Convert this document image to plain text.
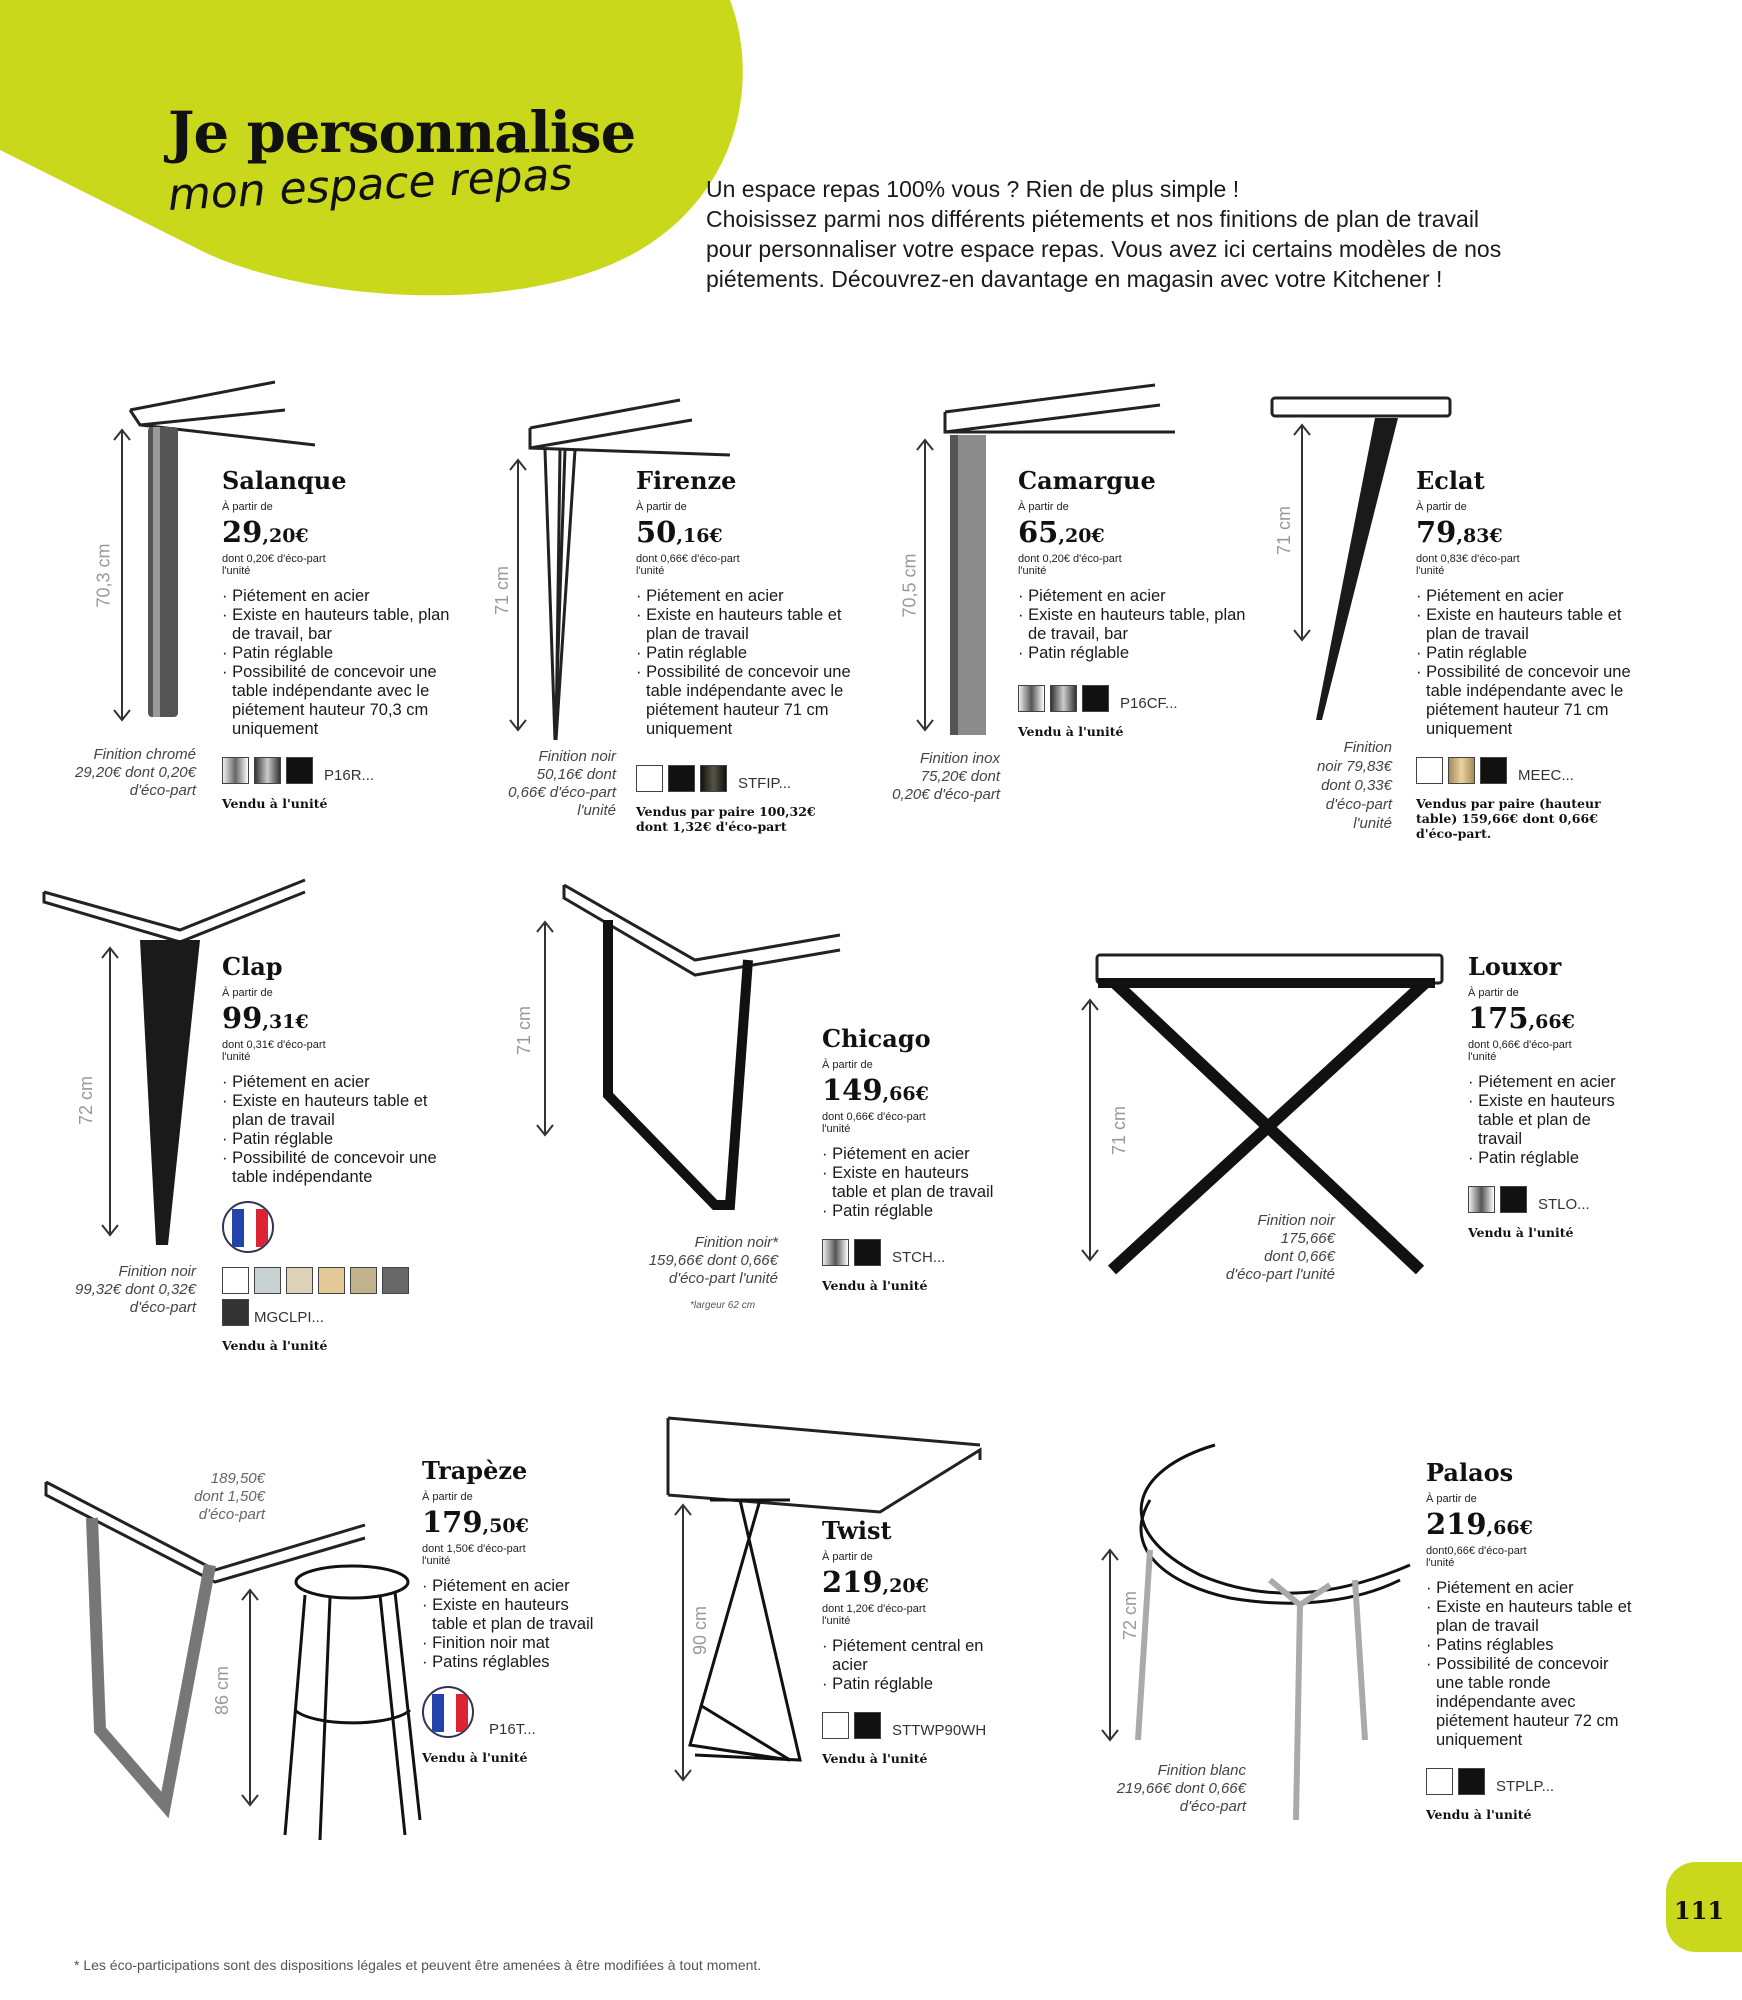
Je personnalise
mon espace repas	Un espace repas 100% vous ? Rien de plus simple !
Choisissez parmi nos différents piétements et nos finitions de plan de travail
pour personnaliser votre espace repas. Vous avez ici certains modèles de nos
piétements. Découvrez-en davantage en magasin avec votre Kitchener !
70,3 cm	71 cm	70,5 cm
71 cm
72 cm
71 cm
71 cm
86 cm
90 cm	72 cm
Finition chromé
29,20€ dont 0,20€
d'éco-part
Finition noir
50,16€ dont
0,66€ d'éco-part
l'unité
Finition inox
75,20€ dont
0,20€ d'éco-part
Finition
noir 79,83€
dont 0,33€
d'éco-part
l'unité
Finition noir
99,32€ dont 0,32€
d'éco-part
Finition noir*
159,66€ dont 0,66€
d'éco-part l'unité
*largeur 62 cm
Finition noir
175,66€
dont 0,66€
d'éco-part l'unité
189,50€
dont 1,50€
d'éco-part
Finition blanc
219,66€ dont 0,66€
d'éco-part
Salanque
À partir de
29,20€
dont 0,20€ d'éco-part
l'unité
· Piétement en acier
· Existe en hauteurs table, plan de travail, bar
· Patin réglable
· Possibilité de concevoir une table indépendante avec le piétement hauteur 70,3 cm uniquement
P16R...
Vendu à l'unité
Firenze
À partir de
50,16€
dont 0,66€ d'éco-part
l'unité
· Piétement en acier
· Existe en hauteurs table et plan de travail
· Patin réglable
· Possibilité de concevoir une table indépendante avec le piétement hauteur 71 cm uniquement
STFIP...
Vendus par paire 100,32€ dont 1,32€ d'éco-part
Camargue
À partir de
65,20€
dont 0,20€ d'éco-part
l'unité
· Piétement en acier
· Existe en hauteurs table, plan de travail, bar
· Patin réglable
P16CF...
Vendu à l'unité
Eclat
À partir de
79,83€
dont 0,83€ d'éco-part
l'unité
· Piétement en acier
· Existe en hauteurs table et plan de travail
· Patin réglable
· Possibilité de concevoir une table indépendante avec le piétement hauteur 71 cm uniquement
MEEC...
Vendus par paire (hauteur table) 159,66€ dont 0,66€ d'éco-part.
Clap
À partir de
99,31€
dont 0,31€ d'éco-part
l'unité
· Piétement en acier
· Existe en hauteurs table et plan de travail
· Patin réglable
· Possibilité de concevoir une table indépendante
MGCLPI...
Vendu à l'unité
Chicago
À partir de
149,66€
dont 0,66€ d'éco-part
l'unité
· Piétement en acier
· Existe en hauteurs table et plan de travail
· Patin réglable
STCH...
Vendu à l'unité
Louxor
À partir de
175,66€
dont 0,66€ d'éco-part
l'unité
· Piétement en acier
· Existe en hauteurs table et plan de travail
· Patin réglable
STLO...
Vendu à l'unité
Trapèze
À partir de
179,50€
dont 1,50€ d'éco-part
l'unité
· Piétement en acier
· Existe en hauteurs table et plan de travail
· Finition noir mat
· Patins réglables
P16T...
Vendu à l'unité
Twist
À partir de
219,20€
dont 1,20€ d'éco-part
l'unité
· Piétement central en acier
· Patin réglable
STTWP90WH
Vendu à l'unité
Palaos
À partir de
219,66€
dont0,66€ d'éco-part
l'unité
· Piétement en acier
· Existe en hauteurs table et plan de travail
· Patins réglables
· Possibilité de concevoir une table ronde indépendante avec piétement hauteur 72 cm uniquement
STPLP...
Vendu à l'unité
111
* Les éco-participations sont des dispositions légales et peuvent être amenées à être modifiées à tout moment.
